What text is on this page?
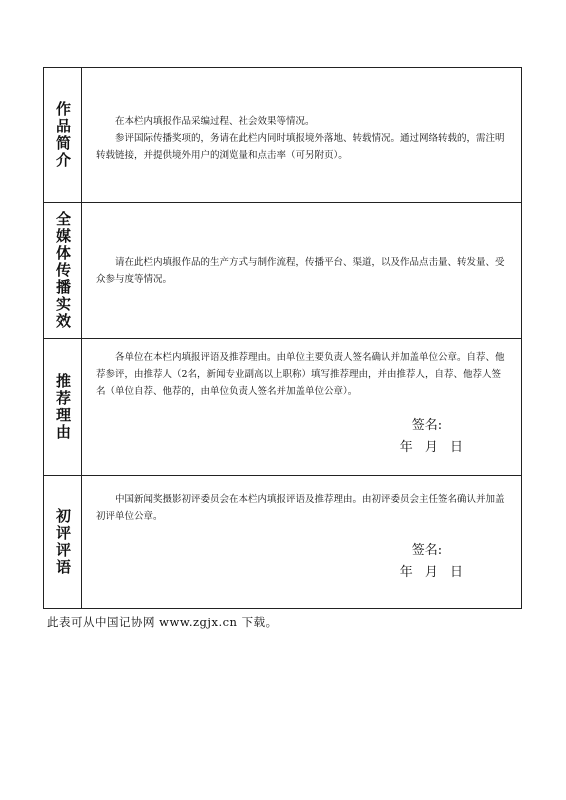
作品简介	在本栏内填报作品采编过程、社会效果等情况。

参评国际传播奖项的，务请在此栏内同时填报境外落地、转载情况。通过网络转载的，需注明转载链接，并提供境外用户的浏览量和点击率（可另附页）。

全媒体传播实效	请在此栏内填报作品的生产方式与制作流程，传播平台、渠道，以及作品点击量、转发量、受众参与度等情况。

推荐理由

各单位在本栏内填报评语及推荐理由。由单位主要负责人签名确认并加盖单位公章。自荐、他荐参评，由推荐人（2名，新闻专业副高以上职称）填写推荐理由，并由推荐人，自荐、他荐人签名（单位自荐、他荐的，由单位负责人签名并加盖单位公章）。

签名:
年 月 日
初评评语

中国新闻奖摄影初评委员会在本栏内填报评语及推荐理由。由初评委员会主任签名确认并加盖初评单位公章。

签名:
年 月 日
此表可从中国记协网 www.zgjx.cn 下载。
